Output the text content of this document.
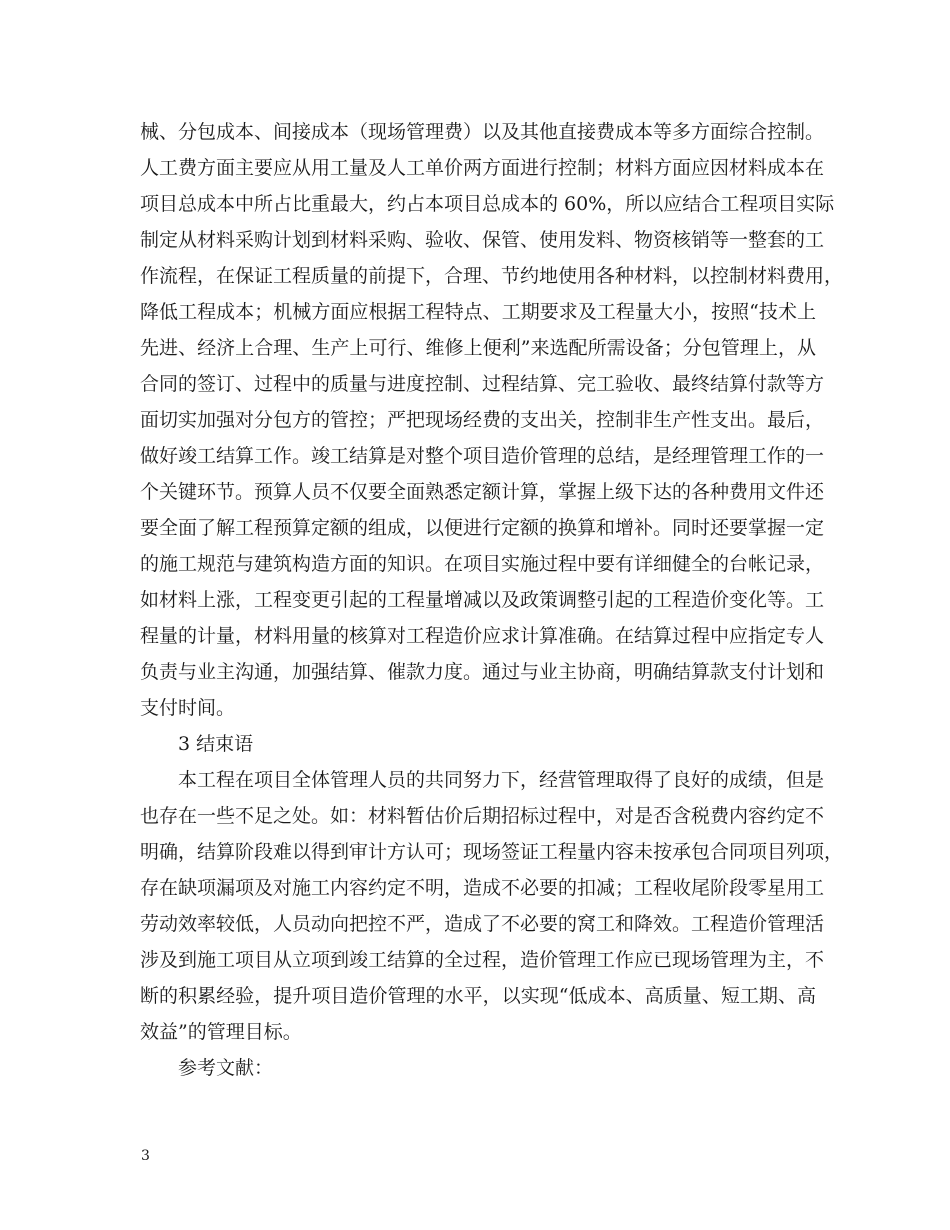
械、分包成本、间接成本（现场管理费）以及其他直接费成本等多方面综合控制。
人工费方面主要应从用工量及人工单价两方面进行控制；材料方面应因材料成本在
项目总成本中所占比重最大，约占本项目总成本的 60%，所以应结合工程项目实际
制定从材料采购计划到材料采购、验收、保管、使用发料、物资核销等一整套的工
作流程，在保证工程质量的前提下，合理、节约地使用各种材料，以控制材料费用，
降低工程成本；机械方面应根据工程特点、工期要求及工程量大小，按照“技术上
先进、经济上合理、生产上可行、维修上便利”来选配所需设备；分包管理上，从
合同的签订、过程中的质量与进度控制、过程结算、完工验收、最终结算付款等方
面切实加强对分包方的管控；严把现场经费的支出关，控制非生产性支出。最后，
做好竣工结算工作。竣工结算是对整个项目造价管理的总结，是经理管理工作的一
个关键环节。预算人员不仅要全面熟悉定额计算，掌握上级下达的各种费用文件还
要全面了解工程预算定额的组成，以便进行定额的换算和增补。同时还要掌握一定
的施工规范与建筑构造方面的知识。在项目实施过程中要有详细健全的台帐记录，
如材料上涨，工程变更引起的工程量增减以及政策调整引起的工程造价变化等。工
程量的计量，材料用量的核算对工程造价应求计算准确。在结算过程中应指定专人
负责与业主沟通，加强结算、催款力度。通过与业主协商，明确结算款支付计划和
支付时间。
3 结束语
本工程在项目全体管理人员的共同努力下，经营管理取得了良好的成绩，但是
也存在一些不足之处。如：材料暂估价后期招标过程中，对是否含税费内容约定不
明确，结算阶段难以得到审计方认可；现场签证工程量内容未按承包合同项目列项，
存在缺项漏项及对施工内容约定不明，造成不必要的扣减；工程收尾阶段零星用工
劳动效率较低，人员动向把控不严，造成了不必要的窝工和降效。工程造价管理活
涉及到施工项目从立项到竣工结算的全过程，造价管理工作应已现场管理为主，不
断的积累经验，提升项目造价管理的水平，以实现“低成本、高质量、短工期、高
效益”的管理目标。
参考文献：
3
